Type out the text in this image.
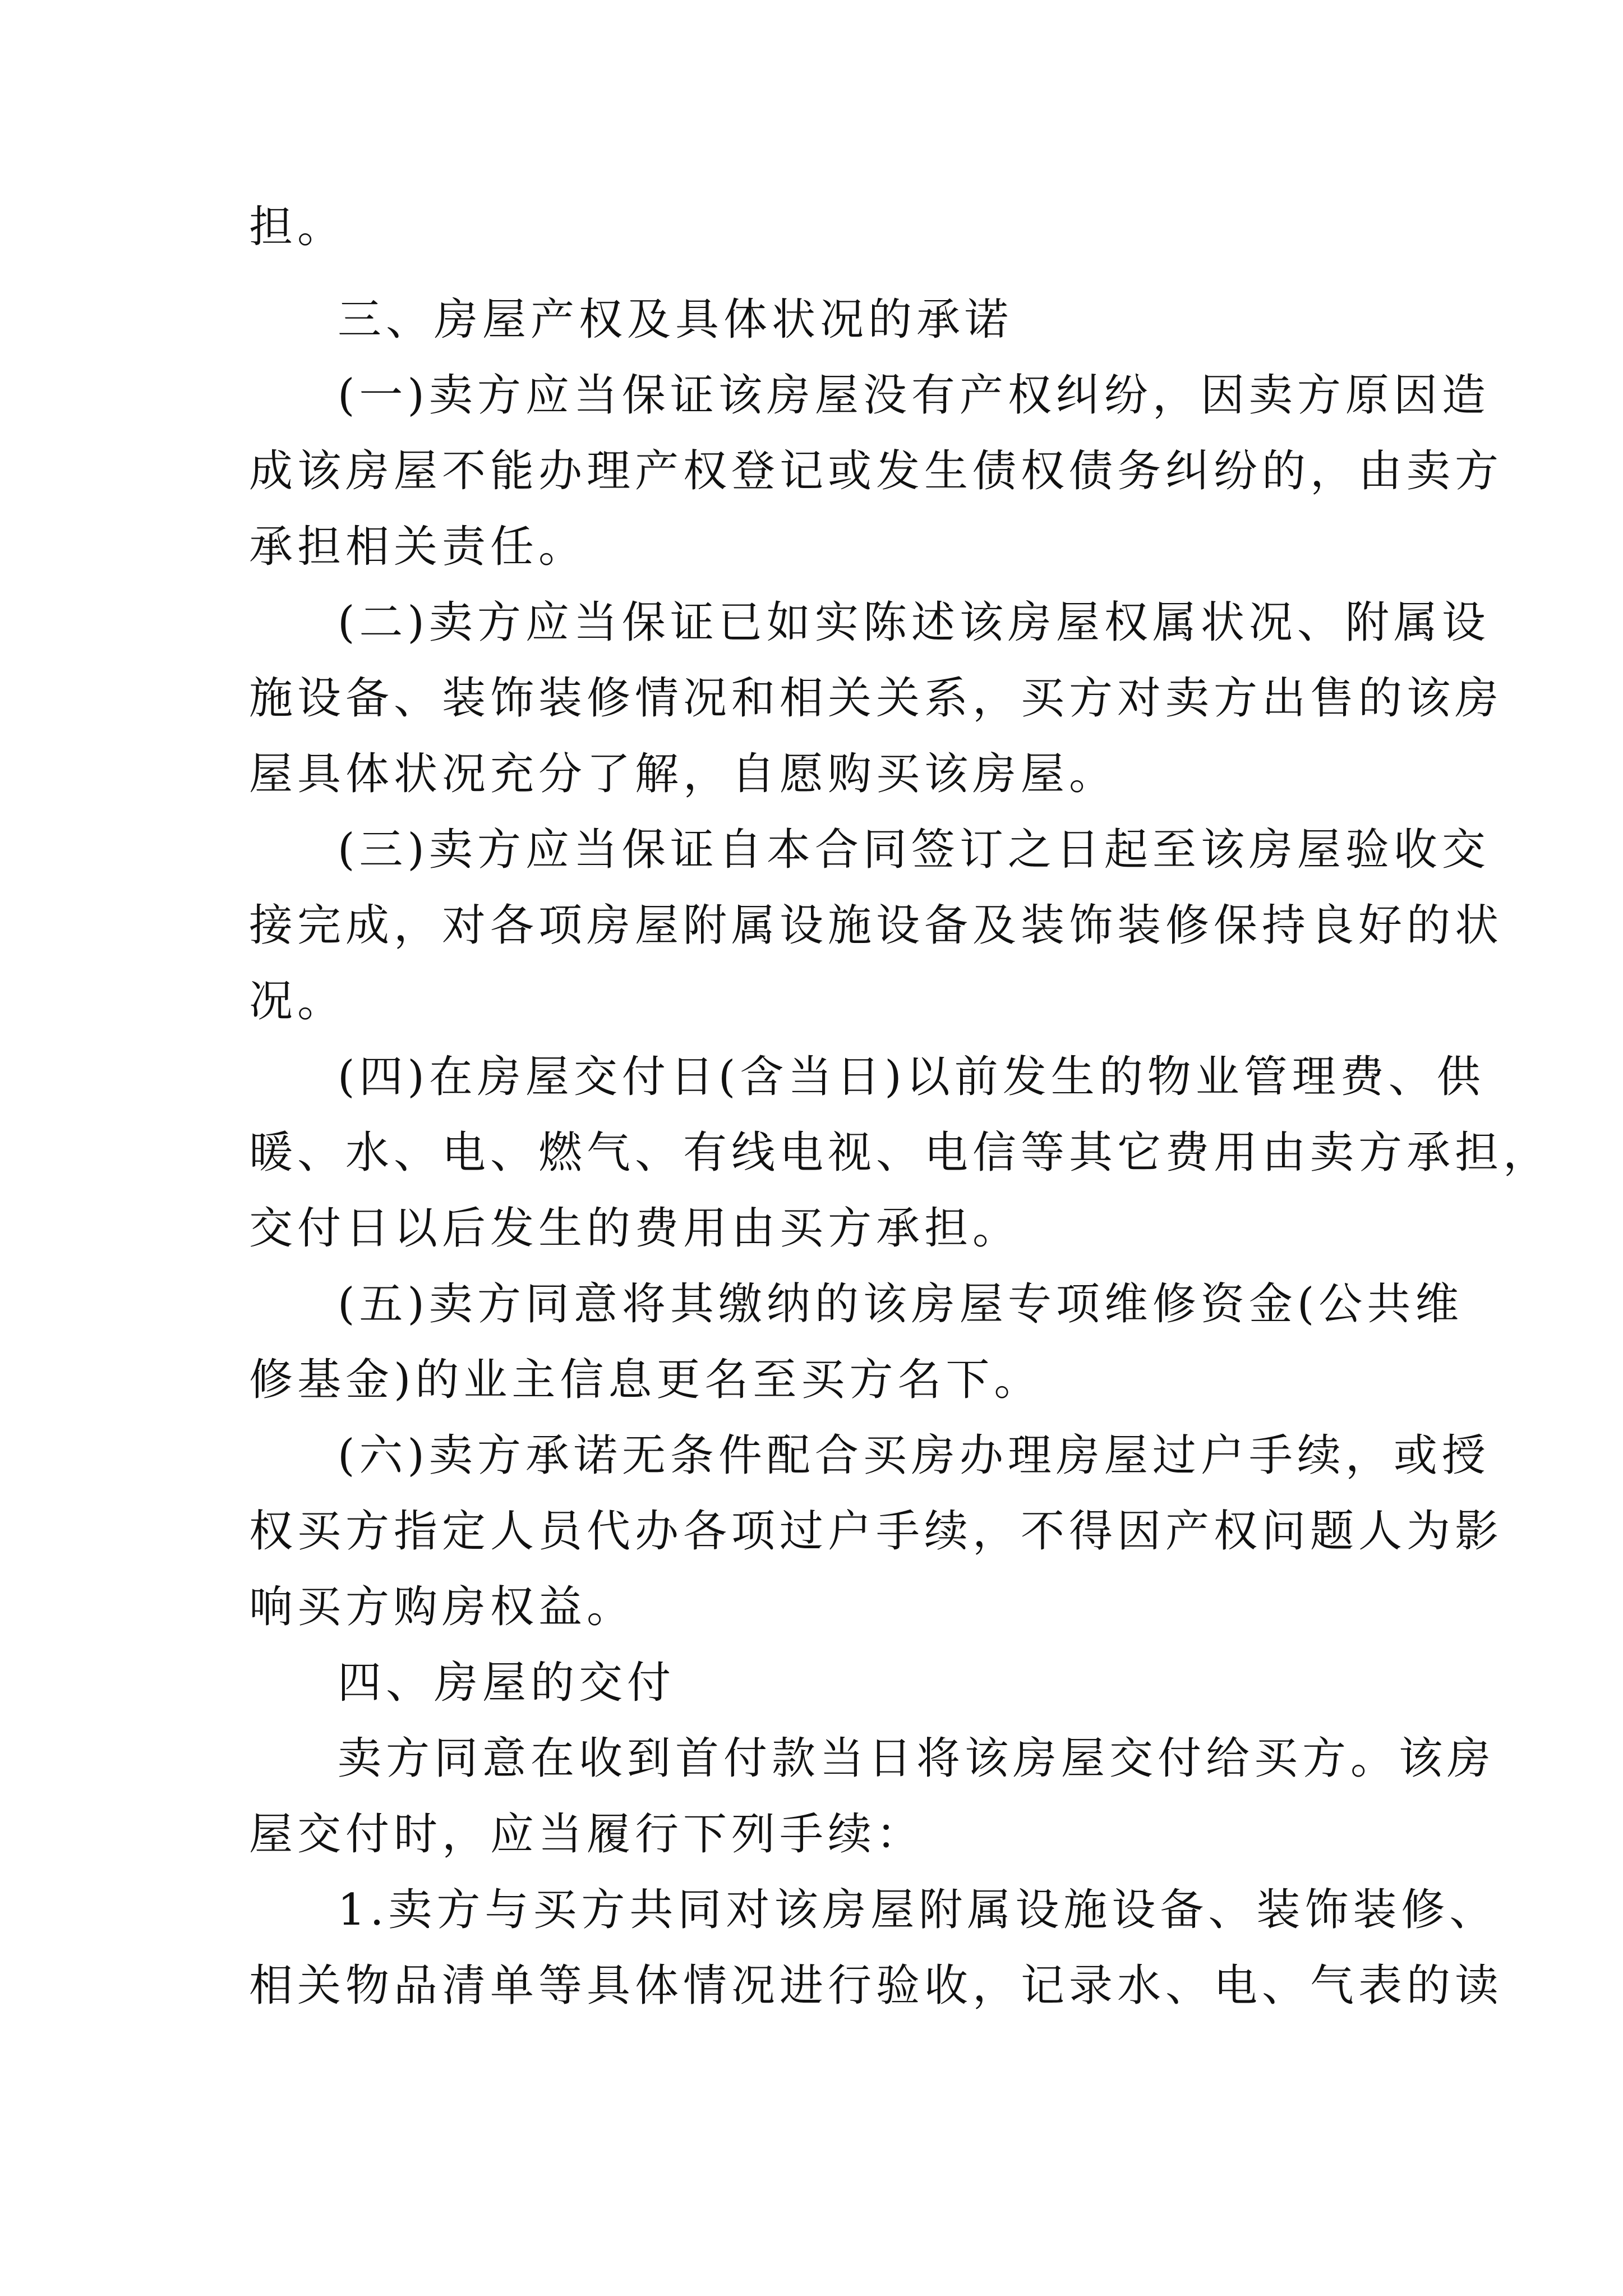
担。

三、房屋产权及具体状况的承诺

(一)卖方应当保证该房屋没有产权纠纷，因卖方原因造

成该房屋不能办理产权登记或发生债权债务纠纷的，由卖方

承担相关责任。

(二)卖方应当保证已如实陈述该房屋权属状况、附属设

施设备、装饰装修情况和相关关系，买方对卖方出售的该房

屋具体状况充分了解，自愿购买该房屋。

(三)卖方应当保证自本合同签订之日起至该房屋验收交

接完成，对各项房屋附属设施设备及装饰装修保持良好的状

况。

(四)在房屋交付日(含当日)以前发生的物业管理费、供

暖、水、电、燃气、有线电视、电信等其它费用由卖方承担，

交付日以后发生的费用由买方承担。

(五)卖方同意将其缴纳的该房屋专项维修资金(公共维

修基金)的业主信息更名至买方名下。

(六)卖方承诺无条件配合买房办理房屋过户手续，或授

权买方指定人员代办各项过户手续，不得因产权问题人为影

响买方购房权益。

四、房屋的交付

卖方同意在收到首付款当日将该房屋交付给买方。该房

屋交付时，应当履行下列手续：

1.卖方与买方共同对该房屋附属设施设备、装饰装修、

相关物品清单等具体情况进行验收，记录水、电、气表的读
